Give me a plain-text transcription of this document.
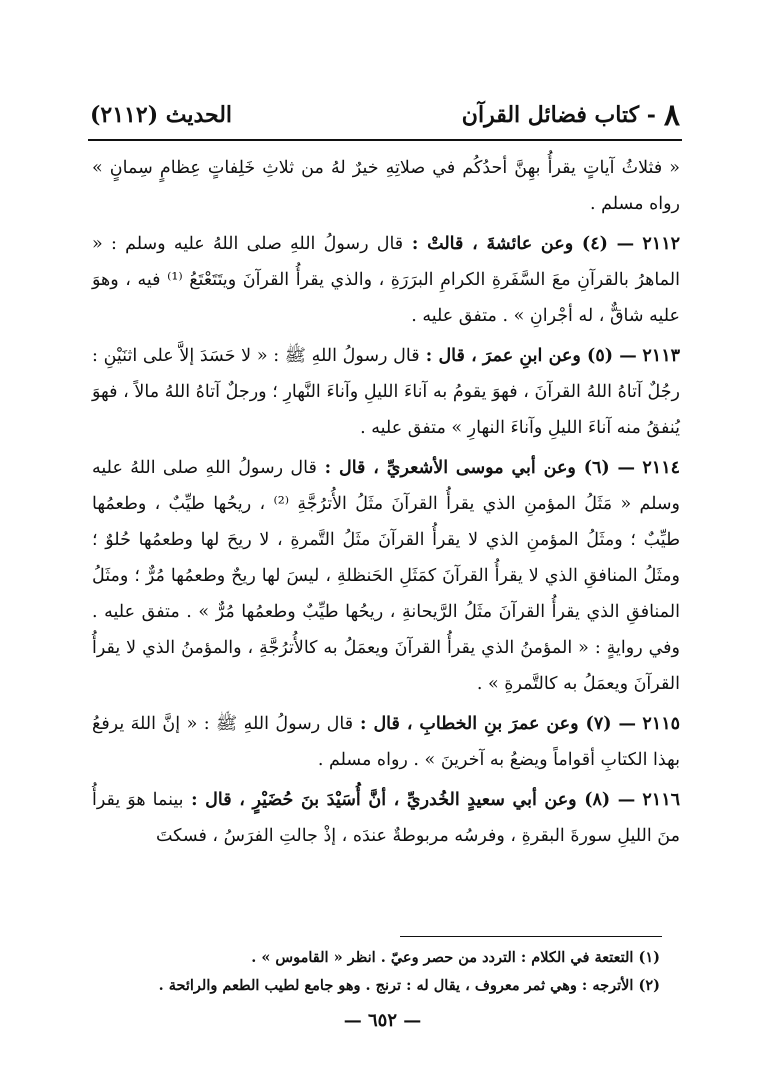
٨
- كتاب فضائل القرآن
الحديث (٢١١٢)

« فثلاثُ آياتٍ يقرأُ بهِنَّ أحدُكُم في صلاتِهِ خيرٌ لهُ من ثلاثِ خَلِفاتٍ عِظامٍ سِمانٍ » رواه مسلم .

٢١١٢ — (٤) وعن عائشةَ ، قالتْ : قال رسولُ اللهِ صلى اللهُ عليه وسلم : « الماهرُ بالقرآنِ معَ السَّفَرةِ الكرامِ البرَرَةِ ، والذي يقرأُ القرآنَ ويتَتَعْتَعُ ⁽¹⁾ فيه ، وهوَ عليه شاقٌّ ، له أجْرانِ » . متفق عليه .

٢١١٣ — (٥) وعن ابنِ عمرَ ، قال : قال رسولُ اللهِ ﷺ : « لا حَسَدَ إلاَّ على اثنَيْنِ : رجُلٌ آتاهُ اللهُ القرآنَ ، فهوَ يقومُ به آناءَ الليلِ وآناءَ النَّهارِ ؛ ورجلٌ آتاهُ اللهُ مالاً ، فهوَ يُنفقُ منه آناءَ الليلِ وآناءَ النهارِ » متفق عليه .

٢١١٤ — (٦) وعن أبي موسى الأشعريِّ ، قال : قال رسولُ اللهِ صلى اللهُ عليه وسلم « مَثَلُ المؤمنِ الذي يقرأُ القرآنَ مثَلُ الأُترُجَّةِ ⁽²⁾ ، ريحُها طيِّبٌ ، وطعمُها طيِّبٌ ؛ ومثَلُ المؤمنِ الذي لا يقرأُ القرآنَ مثَلُ التَّمرةِ ، لا ريحَ لها وطعمُها حُلوٌ ؛ ومثَلُ المنافقِ الذي لا يقرأُ القرآنَ كمَثَلِ الحَنظلةِ ، ليسَ لها ريحٌ وطعمُها مُرٌّ ؛ ومثَلُ المنافقِ الذي يقرأُ القرآنَ مثَلُ الرَّيحانةِ ، ريحُها طيِّبٌ وطعمُها مُرٌّ » . متفق عليه . وفي روايةٍ : « المؤمنُ الذي يقرأُ القرآنَ ويعمَلُ به كالأُترُجَّةِ ، والمؤمنُ الذي لا يقرأُ القرآنَ ويعمَلُ به كالتَّمرةِ » .

٢١١٥ — (٧) وعن عمرَ بنِ الخطابِ ، قال : قال رسولُ اللهِ ﷺ : « إنَّ اللهَ يرفعُ بهذا الكتابِ أقواماً ويضعُ به آخرينَ » . رواه مسلم .

٢١١٦ — (٨) وعن أبي سعيدٍ الخُدريِّ ، أنَّ أُسَيْدَ بنَ حُضَيْرٍ ، قال : بينما هوَ يقرأُ منَ الليلِ سورةَ البقرةِ ، وفرسُه مربوطةٌ عندَه ، إذْ جالتِ الفرَسُ ، فسكتَ

(١) التعتعة في الكلام : التردد من حصر وعيّ . انظر « القاموس » .
(٢) الأترجه : وهي ثمر معروف ، يقال له : ترنج . وهو جامع لطيب الطعم والرائحة .
— ٦٥٢ —
